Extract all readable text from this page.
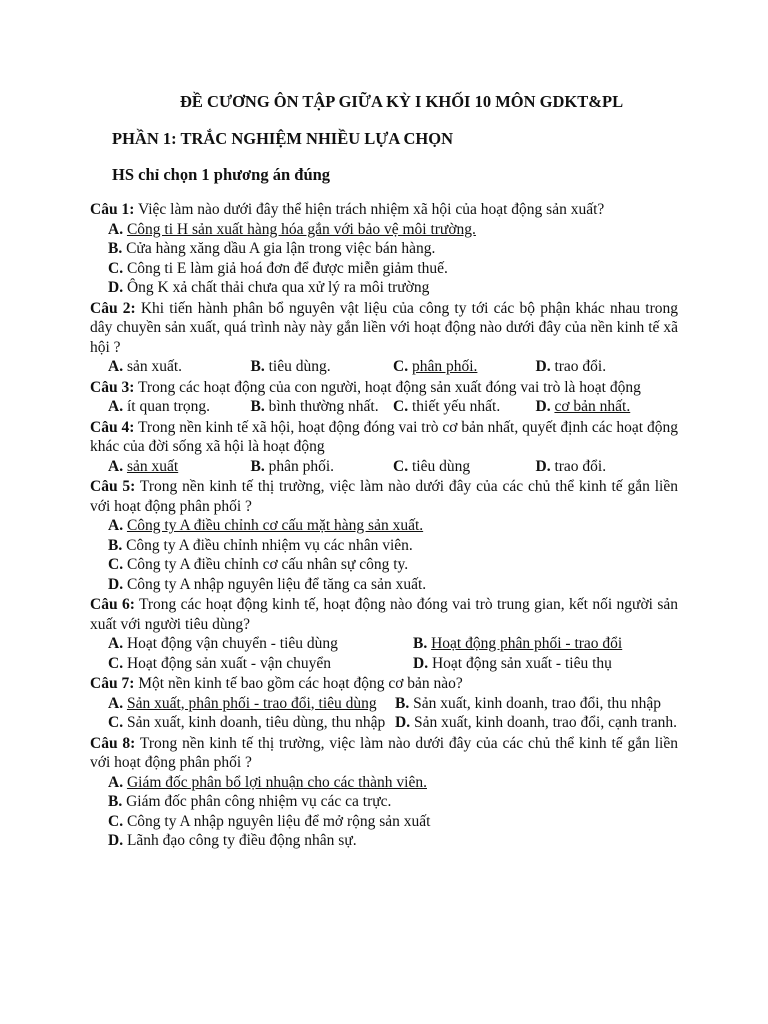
ĐỀ CƯƠNG ÔN TẬP GIỮA KỲ I KHỐI 10 MÔN GDKT&PL
PHẦN 1: TRẮC NGHIỆM NHIỀU LỰA CHỌN
HS chỉ chọn 1 phương án đúng
Câu 1: Việc làm nào dưới đây thể hiện trách nhiệm xã hội của hoạt động sản xuất?
A. Công ti H sản xuất hàng hóa gắn với bảo vệ môi trường.
B. Cửa hàng xăng dầu A gia lận trong việc bán hàng.
C. Công ti E làm giả hoá đơn để được miễn giảm thuế.
D. Ông K xả chất thải chưa qua xử lý ra môi trường
Câu 2: Khi tiến hành phân bổ nguyên vật liệu của công ty tới các bộ phận khác nhau trong dây chuyền sản xuất, quá trình này này gắn liền với hoạt động nào dưới đây của nền kinh tế xã hội ?
A. sản xuất.	B. tiêu dùng.	C. phân phối.	D. trao đổi.
Câu 3: Trong các hoạt động của con người, hoạt động sản xuất đóng vai trò là hoạt động
A. ít quan trọng.	B. bình thường nhất. C. thiết yếu nhất.	D. cơ bản nhất.
Câu 4: Trong nền kinh tế xã hội, hoạt động đóng vai trò cơ bản nhất, quyết định các hoạt động khác của đời sống xã hội là hoạt động
A. sản xuất	B. phân phối.	C. tiêu dùng	D. trao đổi.
Câu 5: Trong nền kinh tế thị trường, việc làm nào dưới đây của các chủ thể kinh tế gắn liền với hoạt động phân phối ?
A. Công ty A điều chỉnh cơ cấu mặt hàng sản xuất.
B. Công ty A điều chỉnh nhiệm vụ các nhân viên.
C. Công ty A điều chỉnh cơ cấu nhân sự công ty.
D. Công ty A nhập nguyên liệu để tăng ca sản xuất.
Câu 6: Trong các hoạt động kinh tế, hoạt động nào đóng vai trò trung gian, kết nối người sản xuất với người tiêu dùng?
A. Hoạt động vận chuyển - tiêu dùng	B. Hoạt động phân phối - trao đổi
C. Hoạt động sản xuất - vận chuyển	D. Hoạt động sản xuất - tiêu thụ
Câu 7: Một nền kinh tế bao gồm các hoạt động cơ bản nào?
A. Sản xuất, phân phối - trao đổi, tiêu dùng B. Sản xuất, kinh doanh, trao đổi, thu nhập
C. Sản xuất, kinh doanh, tiêu dùng, thu nhập D. Sản xuất, kinh doanh, trao đổi, cạnh tranh.
Câu 8: Trong nền kinh tế thị trường, việc làm nào dưới đây của các chủ thể kinh tế gắn liền với hoạt động phân phối ?
A. Giám đốc phân bổ lợi nhuận cho các thành viên.
B. Giám đốc phân công nhiệm vụ các ca trực.
C. Công ty A nhập nguyên liệu để mở rộng sản xuất
D. Lãnh đạo công ty điều động nhân sự.
